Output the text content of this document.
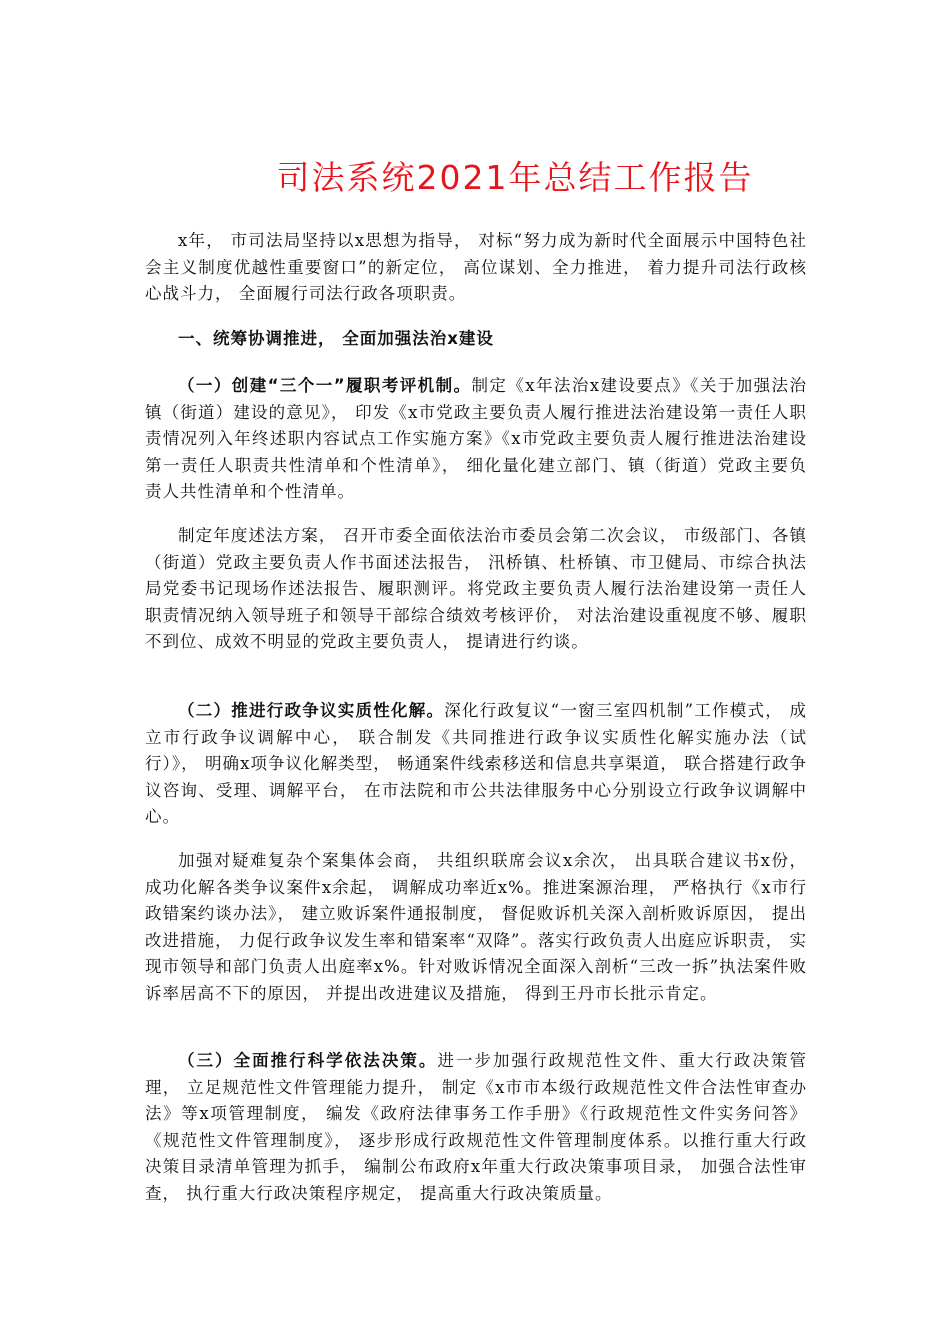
司法系统2021年总结工作报告

x年， 市司法局坚持以x思想为指导， 对标“努力成为新时代全面展示中国特色社会主义制度优越性重要窗口”的新定位， 高位谋划、全力推进， 着力提升司法行政核心战斗力， 全面履行司法行政各项职责。

一、统筹协调推进， 全面加强法治x建设

（一）创建“三个一”履职考评机制。制定《x年法治x建设要点》《关于加强法治镇（街道）建设的意见》， 印发《x市党政主要负责人履行推进法治建设第一责任人职责情况列入年终述职内容试点工作实施方案》《x市党政主要负责人履行推进法治建设第一责任人职责共性清单和个性清单》， 细化量化建立部门、镇（街道）党政主要负责人共性清单和个性清单。

制定年度述法方案， 召开市委全面依法治市委员会第二次会议， 市级部门、各镇（街道）党政主要负责人作书面述法报告， 汛桥镇、杜桥镇、市卫健局、市综合执法局党委书记现场作述法报告、履职测评。将党政主要负责人履行法治建设第一责任人职责情况纳入领导班子和领导干部综合绩效考核评价， 对法治建设重视度不够、履职不到位、成效不明显的党政主要负责人， 提请进行约谈。

（二）推进行政争议实质性化解。深化行政复议“一窗三室四机制”工作模式， 成立市行政争议调解中心， 联合制发《共同推进行政争议实质性化解实施办法（试行）》， 明确x项争议化解类型， 畅通案件线索移送和信息共享渠道， 联合搭建行政争议咨询、受理、调解平台， 在市法院和市公共法律服务中心分别设立行政争议调解中心。

加强对疑难复杂个案集体会商， 共组织联席会议x余次， 出具联合建议书x份， 成功化解各类争议案件x余起， 调解成功率近x%。推进案源治理， 严格执行《x市行政错案约谈办法》， 建立败诉案件通报制度， 督促败诉机关深入剖析败诉原因， 提出改进措施， 力促行政争议发生率和错案率“双降”。落实行政负责人出庭应诉职责， 实现市领导和部门负责人出庭率x%。针对败诉情况全面深入剖析“三改一拆”执法案件败诉率居高不下的原因， 并提出改进建议及措施， 得到王丹市长批示肯定。

（三）全面推行科学依法决策。进一步加强行政规范性文件、重大行政决策管理， 立足规范性文件管理能力提升， 制定《x市市本级行政规范性文件合法性审查办法》等x项管理制度， 编发《政府法律事务工作手册》《行政规范性文件实务问答》《规范性文件管理制度》， 逐步形成行政规范性文件管理制度体系。以推行重大行政决策目录清单管理为抓手， 编制公布政府x年重大行政决策事项目录， 加强合法性审查， 执行重大行政决策程序规定， 提高重大行政决策质量。
